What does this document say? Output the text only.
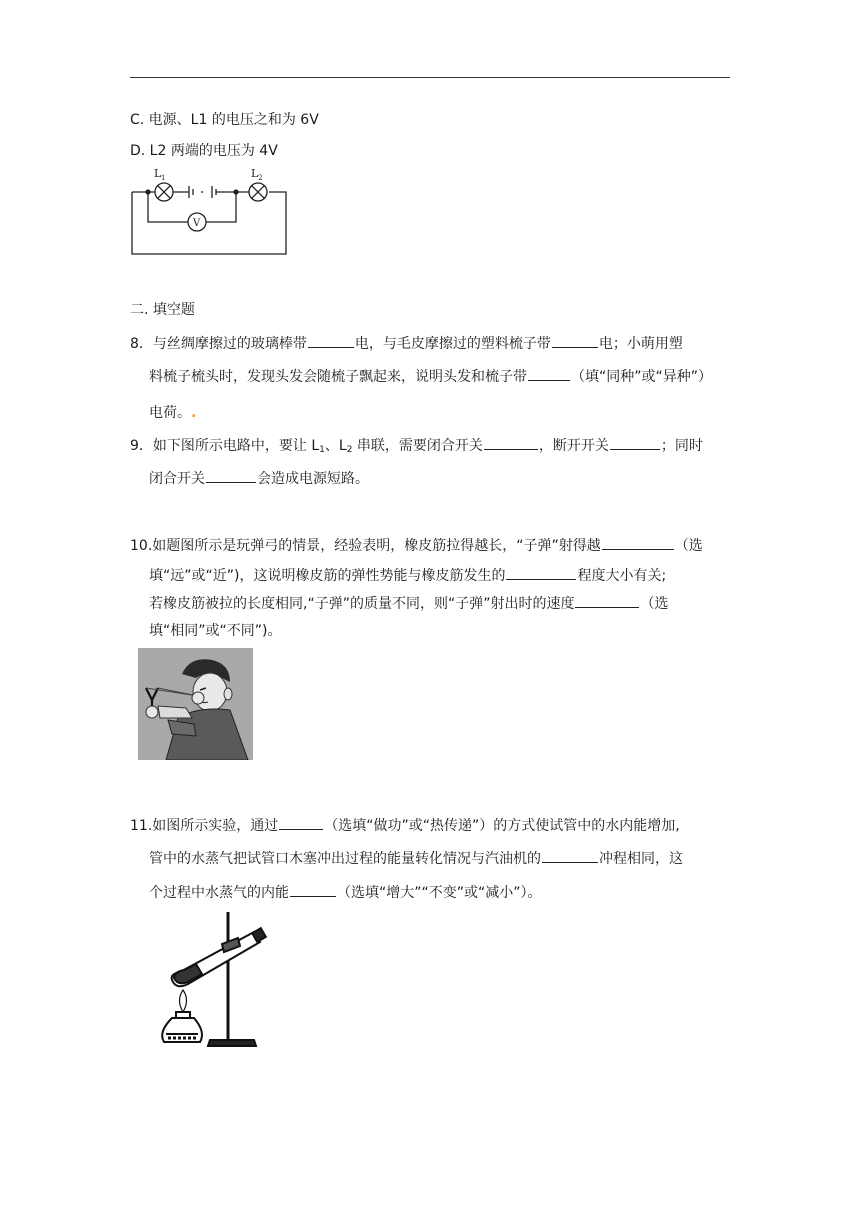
C. 电源、L1 的电压之和为 6V
D. L2 两端的电压为 4V
V
L 1	L 2
二. 填空题
8．与丝绸摩擦过的玻璃棒带	电，与毛皮摩擦过的塑料梳子带	电；小萌用塑
料梳子梳头时，发现头发会随梳子飘起来，说明头发和梳子带	（填“同种”或“异种”）
电荷。.
9．如下图所示电路中，要让 $L_1$、$L_2$ 串联，需要闭合开关	，断开开关	；同时
闭合开关	会造成电源短路。
10.如题图所示是玩弹弓的情景，经验表明，橡皮筋拉得越长，“子弹”射得越	（选
填“远”或“近”)，这说明橡皮筋的弹性势能与橡皮筋发生的	程度大小有关;
若橡皮筋被拉的长度相同,“子弹”的质量不同，则“子弹”射出时的速度	（选
填“相同”或“不同”)。
11.如图所示实验，通过	（选填“做功”或“热传递”）的方式使试管中的水内能增加,
管中的水蒸气把试管口木塞冲出过程的能量转化情况与汽油机的	冲程相同，这
个过程中水蒸气的内能	（选填“增大”“不变”或“减小”）。
